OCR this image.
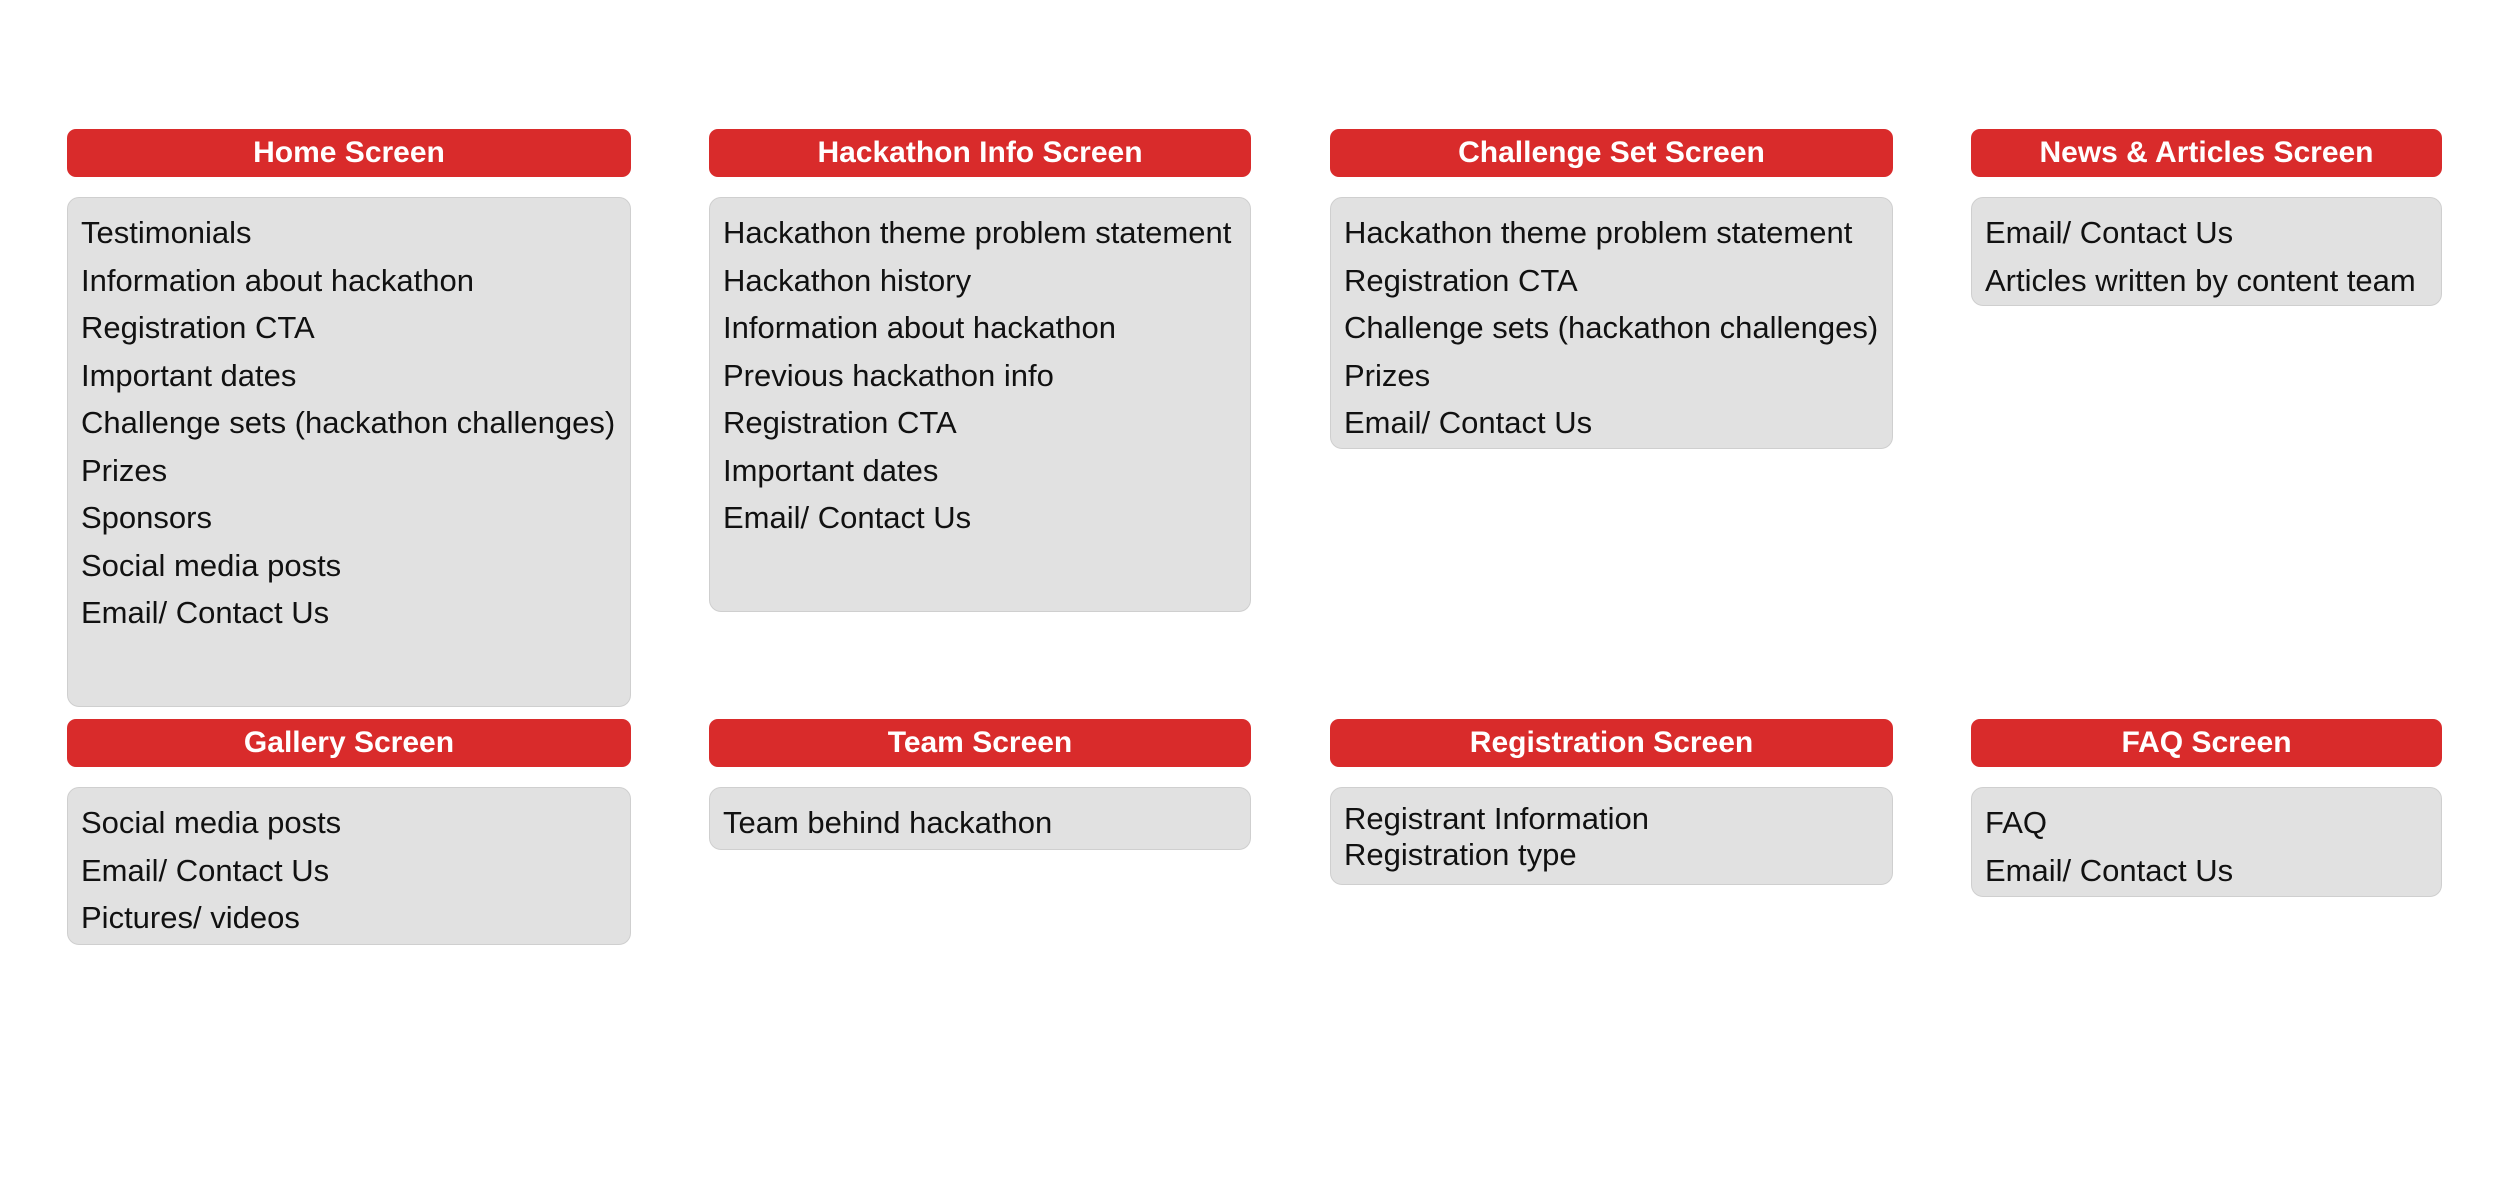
Home Screen
Testimonials
Information about hackathon
Registration CTA
Important dates
Challenge sets (hackathon challenges)
Prizes
Sponsors
Social media posts
Email/ Contact Us
Hackathon Info Screen
Hackathon theme problem statement
Hackathon history
Information about hackathon
Previous hackathon info
Registration CTA
Important dates
Email/ Contact Us
Challenge Set Screen
Hackathon theme problem statement
Registration CTA
Challenge sets (hackathon challenges)
Prizes
Email/ Contact Us
News & Articles Screen
Email/ Contact Us
Articles written by content team
Gallery Screen
Social media posts
Email/ Contact Us
Pictures/ videos
Team Screen
Team behind hackathon
Registration Screen
Registrant Information
Registration type
FAQ Screen
FAQ
Email/ Contact Us
